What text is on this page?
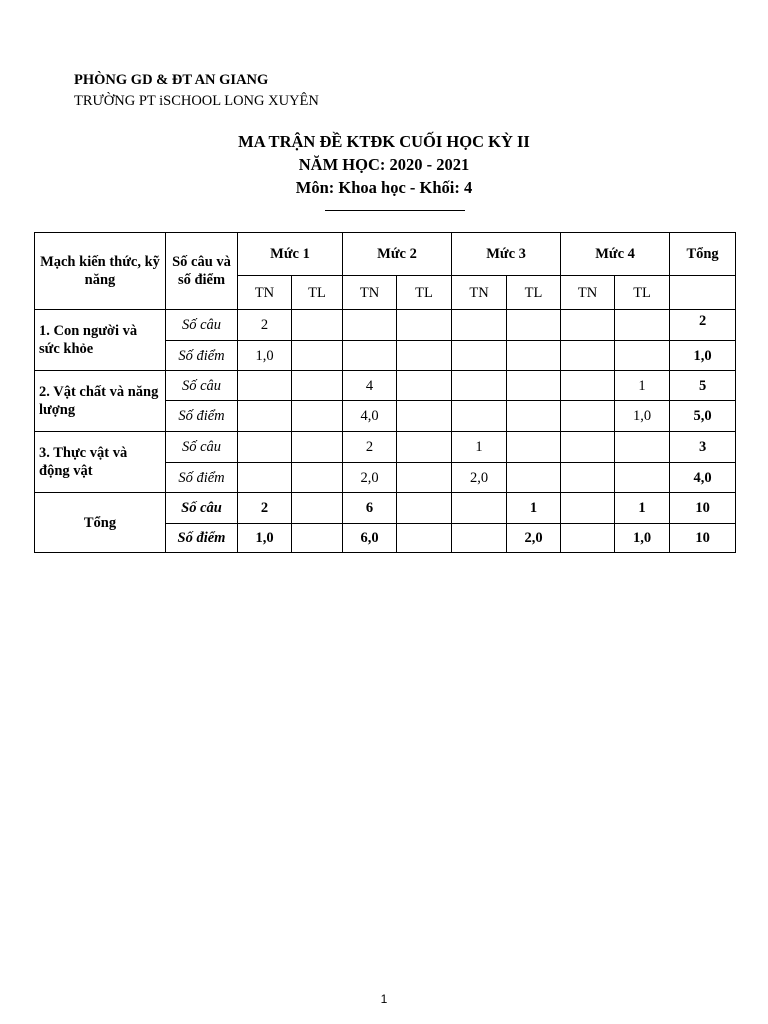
PHÒNG GD & ĐT AN GIANG
TRƯỜNG PT iSCHOOL LONG XUYÊN
MA TRẬN ĐỀ KTĐK CUỐI HỌC KỲ II
NĂM HỌC: 2020 - 2021
Môn: Khoa học - Khối: 4
Mạch kiến thức, kỹ năng	Số câu và số điểm	Mức 1		Mức 2		Mức 3		Mức 4		Tổng
		TN	TL	TN	TL	TN	TL	TN	TL	
1. Con người và sức khỏe	Số câu	2								2
	Số điểm	1,0								1,0
2. Vật chất và năng lượng	Số câu			4					1	5
	Số điểm			4,0					1,0	5,0
3. Thực vật và động vật	Số câu			2		1				3
	Số điểm			2,0		2,0				4,0
Tổng	Số câu	2		6			1		1	10
	Số điểm	1,0		6,0			2,0		1,0	10
1
